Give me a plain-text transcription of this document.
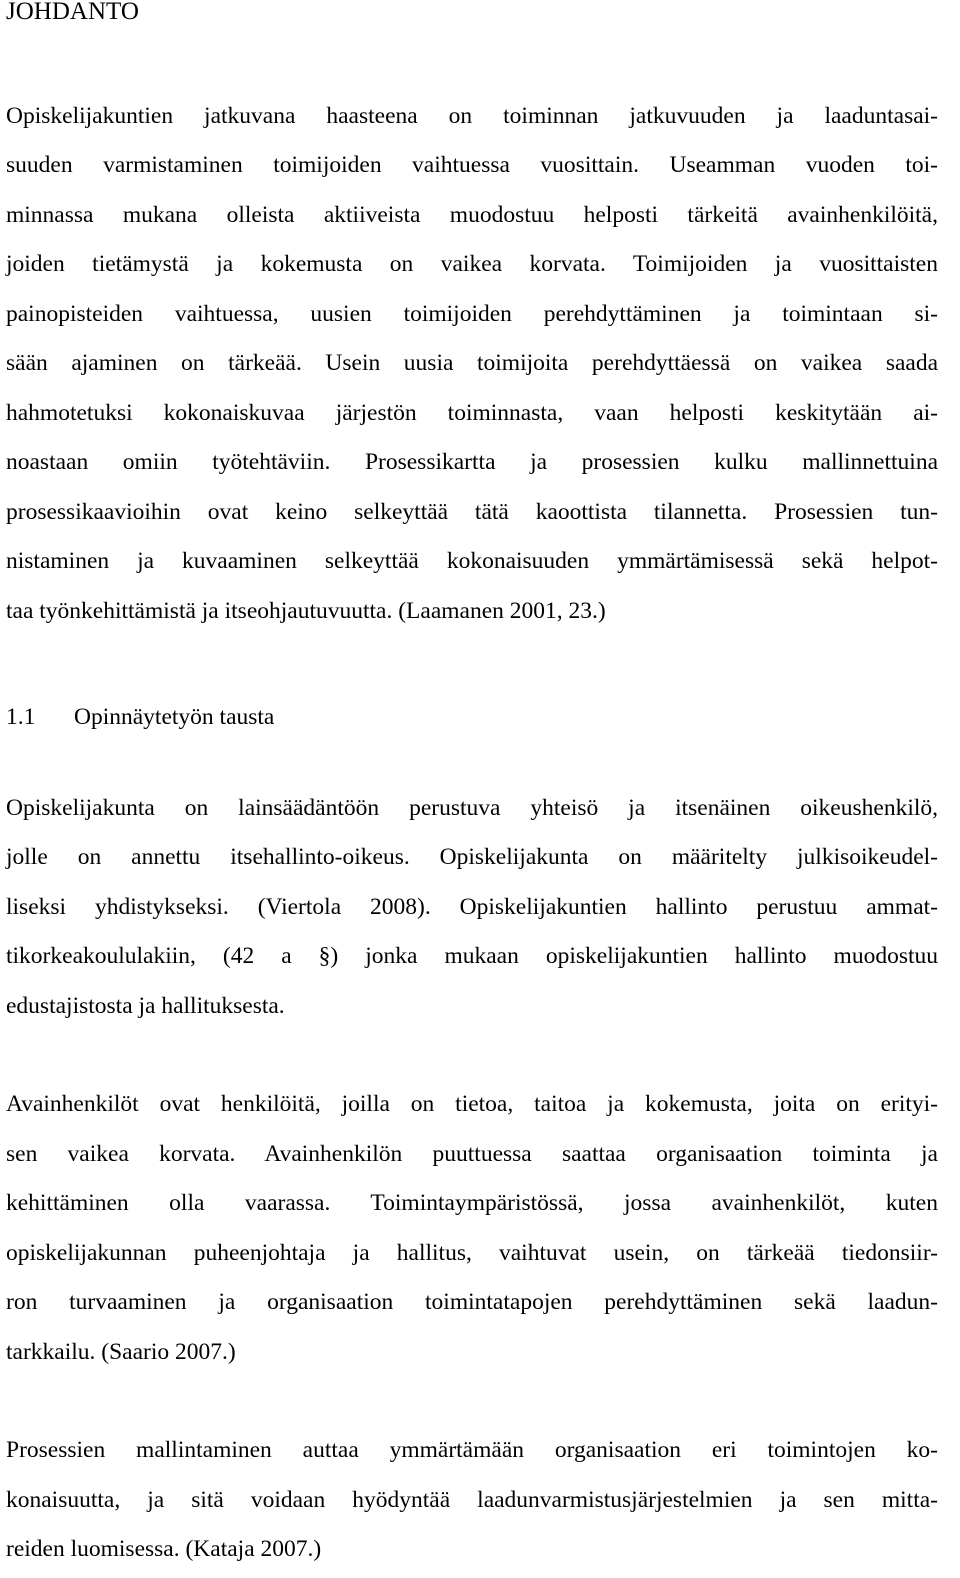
JOHDANTO
Opiskelijakuntien jatkuvana haasteena on toiminnan jatkuvuuden ja laaduntasai-
suuden varmistaminen toimijoiden vaihtuessa vuosittain. Useamman vuoden toi-
minnassa mukana olleista aktiiveista muodostuu helposti tärkeitä avainhenkilöitä,
joiden tietämystä ja kokemusta on vaikea korvata. Toimijoiden ja vuosittaisten
painopisteiden vaihtuessa, uusien toimijoiden perehdyttäminen ja toimintaan si-
sään ajaminen on tärkeää. Usein uusia toimijoita perehdyttäessä on vaikea saada
hahmotetuksi kokonaiskuvaa järjestön toiminnasta, vaan helposti keskitytään ai-
noastaan omiin työtehtäviin. Prosessikartta ja prosessien kulku mallinnettuina
prosessikaavioihin ovat keino selkeyttää tätä kaoottista tilannetta. Prosessien tun-
nistaminen ja kuvaaminen selkeyttää kokonaisuuden ymmärtämisessä sekä helpot-
taa työnkehittämistä ja itseohjautuvuutta. (Laamanen 2001, 23.)
1.1 Opinnäytetyön tausta
Opiskelijakunta on lainsäädäntöön perustuva yhteisö ja itsenäinen oikeushenkilö,
jolle on annettu itsehallinto-oikeus. Opiskelijakunta on määritelty julkisoikeudel-
liseksi yhdistykseksi. (Viertola 2008). Opiskelijakuntien hallinto perustuu ammat-
tikorkeakoululakiin, (42 a §) jonka mukaan opiskelijakuntien hallinto muodostuu
edustajistosta ja hallituksesta.
Avainhenkilöt ovat henkilöitä, joilla on tietoa, taitoa ja kokemusta, joita on erityi-
sen vaikea korvata. Avainhenkilön puuttuessa saattaa organisaation toiminta ja
kehittäminen olla vaarassa. Toimintaympäristössä, jossa avainhenkilöt, kuten
opiskelijakunnan puheenjohtaja ja hallitus, vaihtuvat usein, on tärkeää tiedonsiir-
ron turvaaminen ja organisaation toimintatapojen perehdyttäminen sekä laadun-
tarkkailu. (Saario 2007.)
Prosessien mallintaminen auttaa ymmärtämään organisaation eri toimintojen ko-
konaisuutta, ja sitä voidaan hyödyntää laadunvarmistusjärjestelmien ja sen mitta-
reiden luomisessa. (Kataja 2007.)
